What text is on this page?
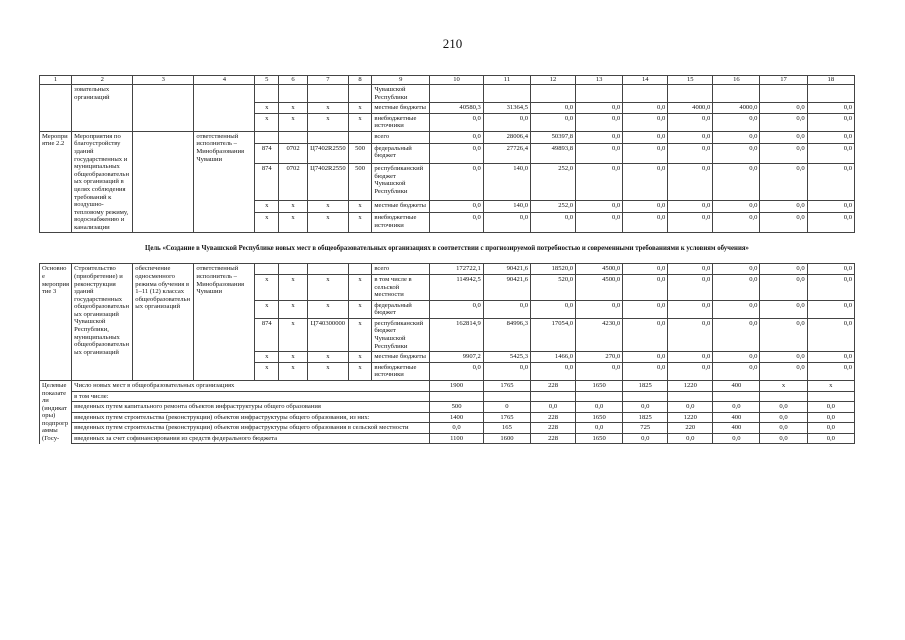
210
1	2	3	4	5	6	7	8	9	10	11	12	13	14	15	16	17	18
	зовательных организаций							Чувашской Республики									
				x	x	x	x	местные бюджеты	40580,3	31364,5	0,0	0,0	0,0	4000,0	4000,0	0,0	0,0
				x	x	x	x	внебюджетные источники	0,0	0,0	0,0	0,0	0,0	0,0	0,0	0,0	0,0
Мероприятие 2.2	Мероприятия по благоустройству зданий государственных и муниципальных общеобразовательных организаций в целях соблюдения требований к воздушно-тепловому режиму, водоснабжению и канализации		ответственный исполнитель – Минобразования Чувашии					всего	0,0	28006,4	50397,8	0,0	0,0	0,0	0,0	0,0	0,0
				874	0702	Ц7402R2550	500	федеральный бюджет	0,0	27726,4	49893,8	0,0	0,0	0,0	0,0	0,0	0,0
				874	0702	Ц7402R2550	500	республиканский бюджет Чувашской Республики	0,0	140,0	252,0	0,0	0,0	0,0	0,0	0,0	0,0
				x	x	x	x	местные бюджеты	0,0	140,0	252,0	0,0	0,0	0,0	0,0	0,0	0,0
				x	x	x	x	внебюджетные источники	0,0	0,0	0,0	0,0	0,0	0,0	0,0	0,0	0,0
Цель «Создание в Чувашской Республике новых мест в общеобразовательных организациях в соответствии с прогнозируемой потребностью и современными требованиями к условиям обучения»																	
Основное мероприятие 3	Строительство (приобретение) и реконструкция зданий государственных общеобразовательных организаций Чувашской Республики, муниципальных общеобразовательных организаций	обеспечение односменного режима обучения в 1–11 (12) классах общеобразовательных организаций	ответственный исполнитель – Минобразования Чувашии					всего	172722,1	90421,6	18520,0	4500,0	0,0	0,0	0,0	0,0	0,0
				x	x	x	x	в том числе в сельской местности	114942,5	90421,6	520,0	4500,0	0,0	0,0	0,0	0,0	0,0
				x	x	x	x	федеральный бюджет	0,0	0,0	0,0	0,0	0,0	0,0	0,0	0,0	0,0
				874	x	Ц740300000	x	республиканский бюджет Чувашской Республики	162814,9	84996,3	17054,0	4230,0	0,0	0,0	0,0	0,0	0,0
				x	x	x	x	местные бюджеты	9907,2	5425,3	1466,0	270,0	0,0	0,0	0,0	0,0	0,0
				x	x	x	x	внебюджетные источники	0,0	0,0	0,0	0,0	0,0	0,0	0,0	0,0	0,0
Целевые показатели (индикаторы) подпрограммы (Госу-	Число новых мест в общеобразовательных организациях								1900	1765	228	1650	1825	1220	400	x	x
	в том числе:																
	введенных путем капитального ремонта объектов инфраструктуры общего образования								500	0	0,0	0,0	0,0	0,0	0,0	0,0	0,0
	введенных путем строительства (реконструкции) объектов инфраструктуры общего образования, из них:								1400	1765	228	1650	1825	1220	400	0,0	0,0
	введенных путем строительства (реконструкции) объектов инфраструктуры общего образования в сельской местности								0,0	165	228	0,0	725	220	400	0,0	0,0
	введенных за счет софинансирования из средств федерального бюджета								1100	1600	228	1650	0,0	0,0	0,0	0,0	0,0
